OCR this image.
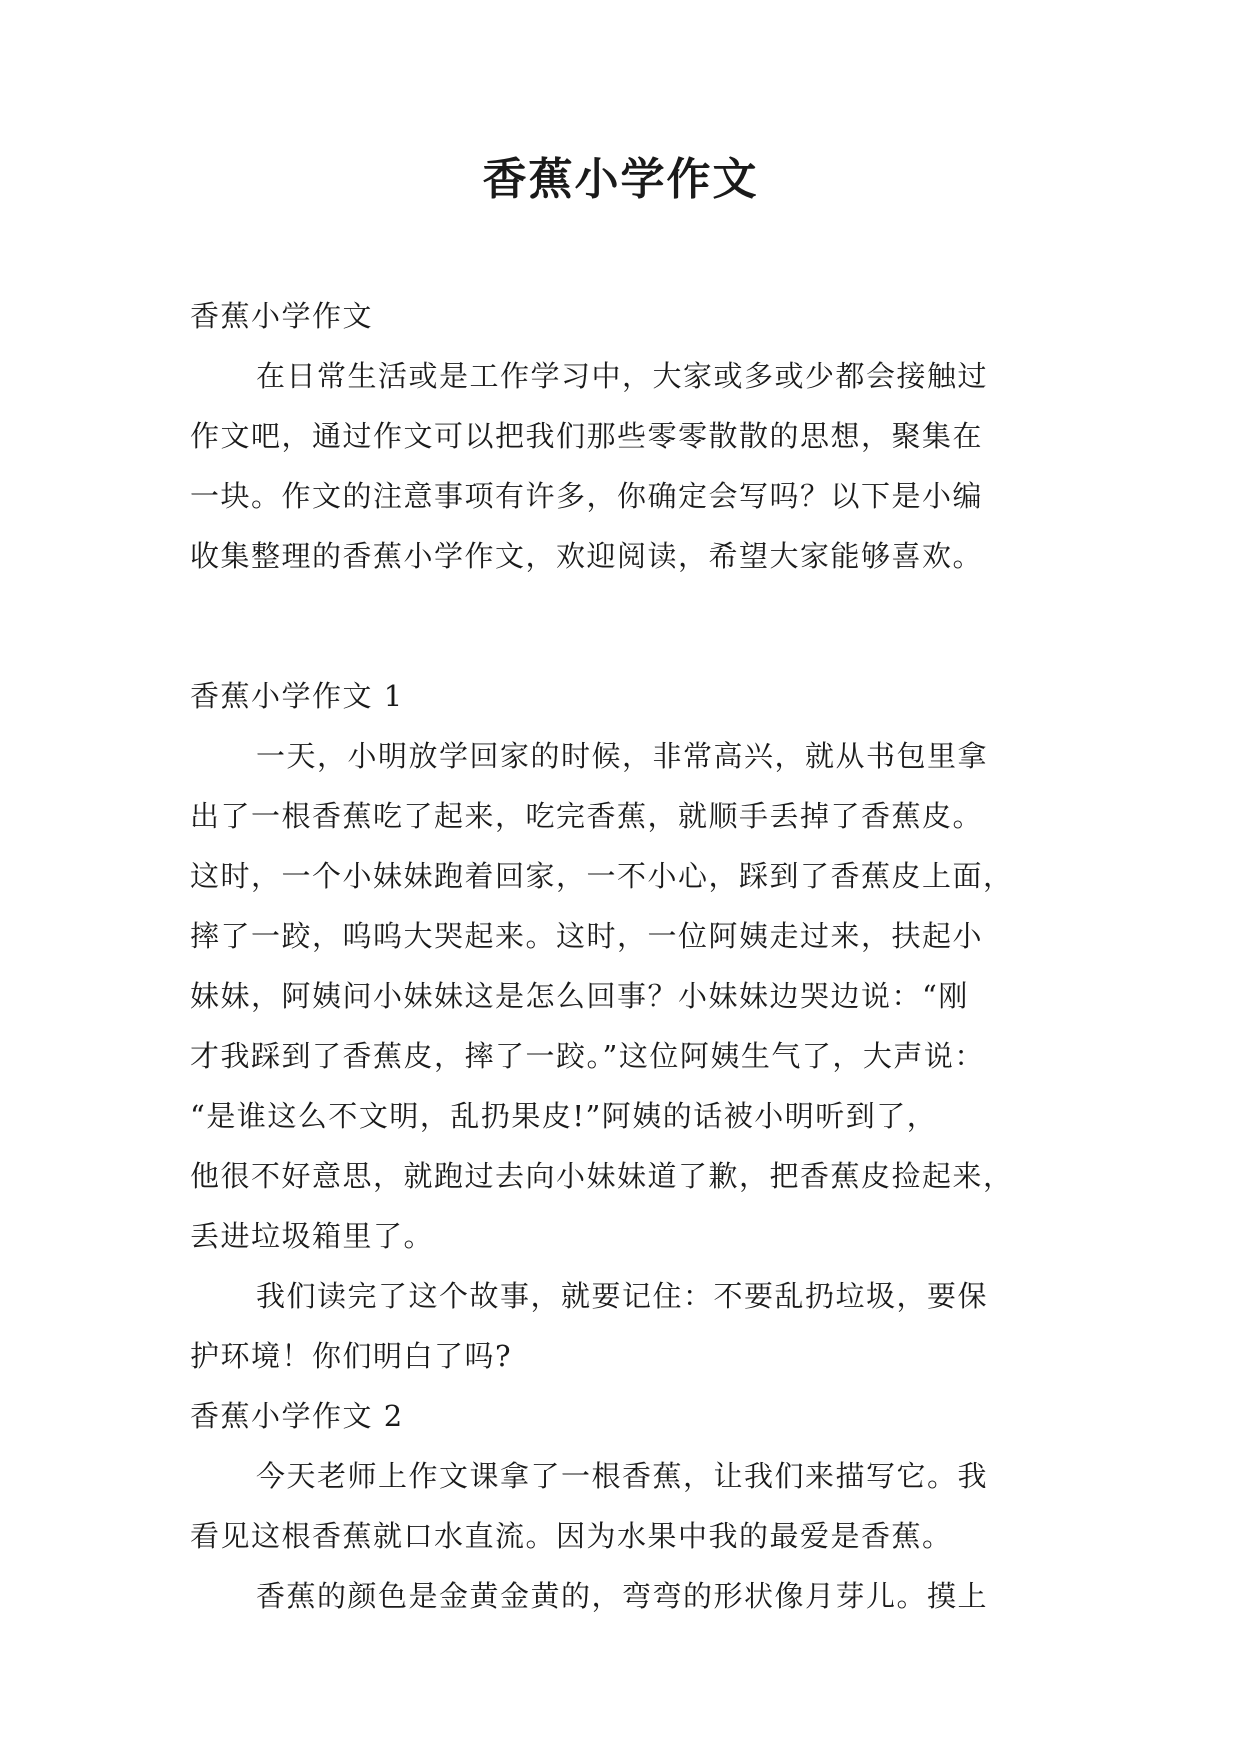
香蕉小学作文
香蕉小学作文
在日常生活或是工作学习中，大家或多或少都会接触过
作文吧，通过作文可以把我们那些零零散散的思想，聚集在
一块。作文的注意事项有许多，你确定会写吗？以下是小编
收集整理的香蕉小学作文，欢迎阅读，希望大家能够喜欢。
香蕉小学作文 1
一天，小明放学回家的时候，非常高兴，就从书包里拿
出了一根香蕉吃了起来，吃完香蕉，就顺手丢掉了香蕉皮。
这时，一个小妹妹跑着回家，一不小心，踩到了香蕉皮上面，
摔了一跤，呜呜大哭起来。这时，一位阿姨走过来，扶起小
妹妹，阿姨问小妹妹这是怎么回事？小妹妹边哭边说：“刚
才我踩到了香蕉皮，摔了一跤。”这位阿姨生气了，大声说：
“是谁这么不文明，乱扔果皮!”阿姨的话被小明听到了，
他很不好意思，就跑过去向小妹妹道了歉，把香蕉皮捡起来，
丢进垃圾箱里了。
我们读完了这个故事，就要记住：不要乱扔垃圾，要保
护环境！你们明白了吗?
香蕉小学作文 2
今天老师上作文课拿了一根香蕉，让我们来描写它。我
看见这根香蕉就口水直流。因为水果中我的最爱是香蕉。
香蕉的颜色是金黄金黄的，弯弯的形状像月芽儿。摸上
